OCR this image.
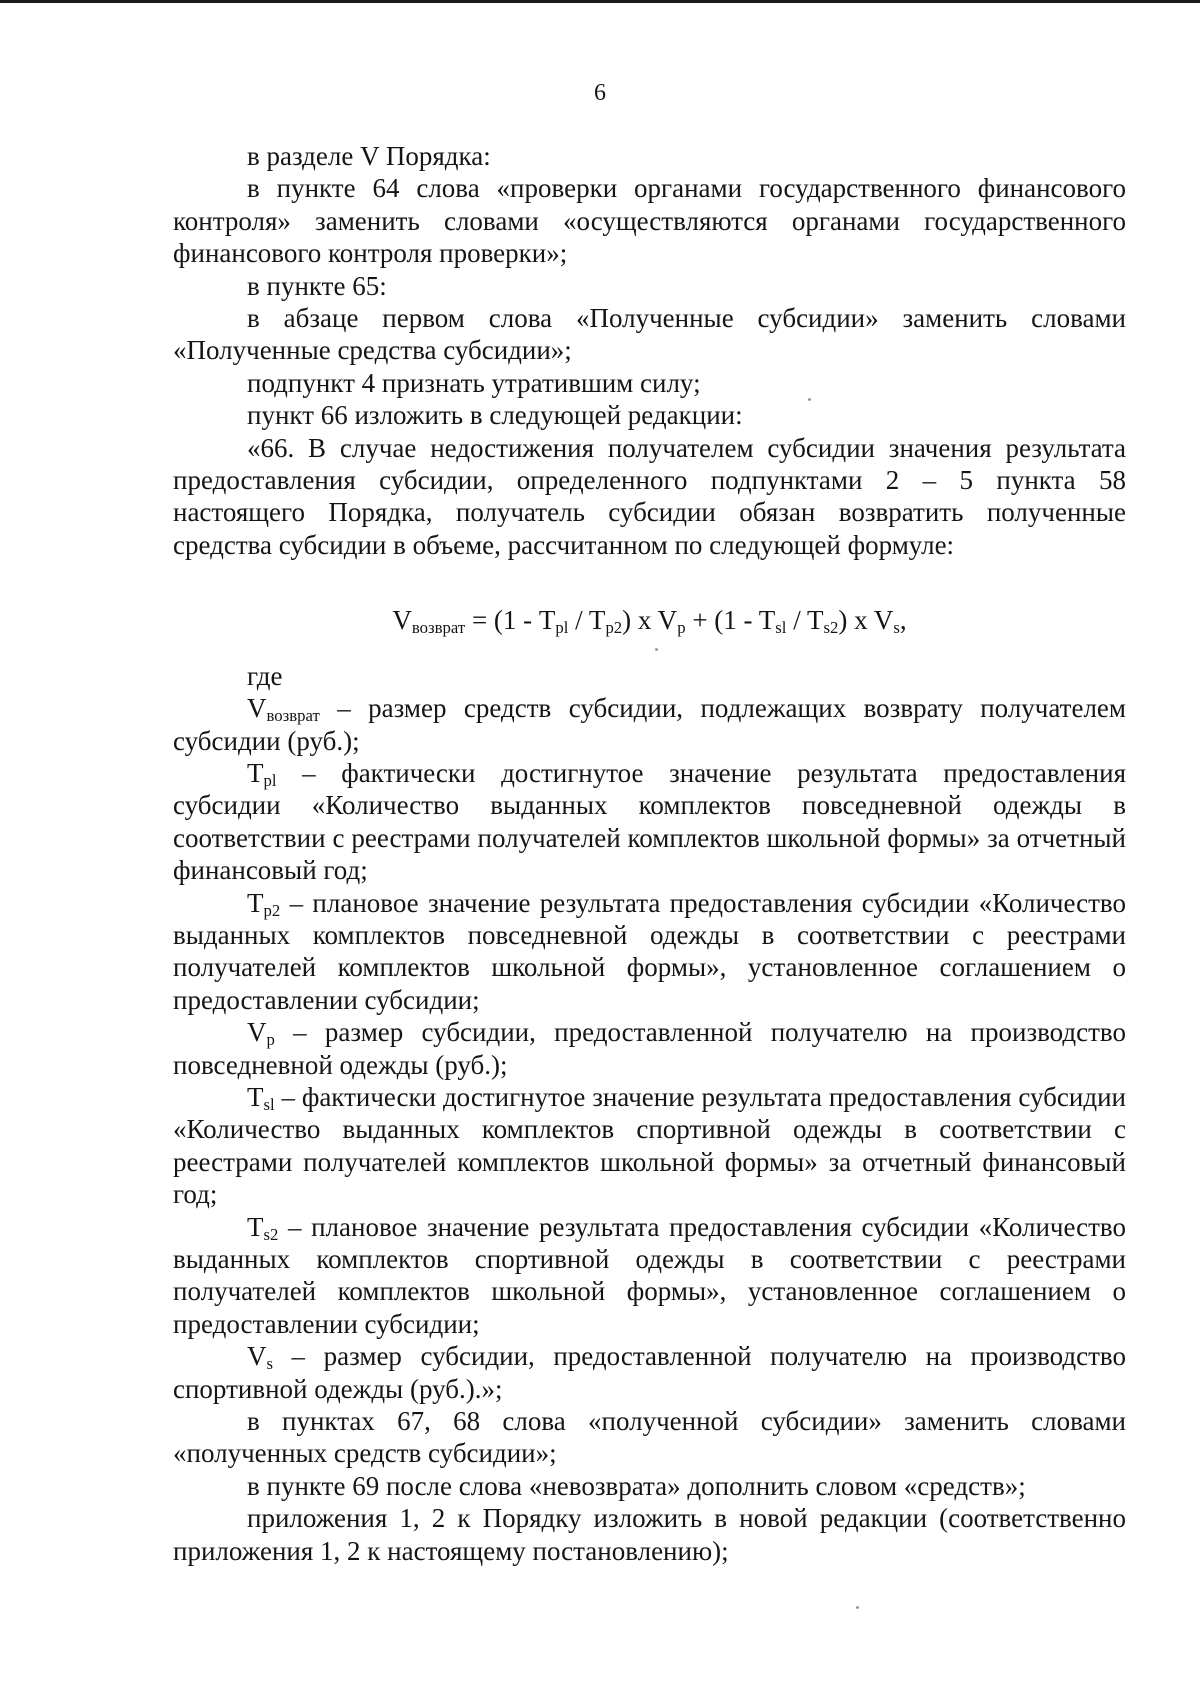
6

в разделе V Порядка:

в пункте 64 слова «проверки органами государственного финансового контроля» заменить словами «осуществляются органами государственного финансового контроля проверки»;

в пункте 65:

в абзаце первом слова «Полученные субсидии» заменить словами «Полученные средства субсидии»;

подпункт 4 признать утратившим силу;

пункт 66 изложить в следующей редакции:

«66. В случае недостижения получателем субсидии значения результата предоставления субсидии, определенного подпунктами 2 – 5 пункта 58 настоящего Порядка, получатель субсидии обязан возвратить полученные средства субсидии в объеме, рассчитанном по следующей формуле:

$V_{возврат} = (1 - T_{pl} / T_{p2})$ x $V_p + (1 - T_{sl} / T_{s2})$ x $V_s$,

где

$V_{возврат}$ – размер средств субсидии, подлежащих возврату получателем субсидии (руб.);

$T_{pl}$ – фактически достигнутое значение результата предоставления субсидии «Количество выданных комплектов повседневной одежды в соответствии с реестрами получателей комплектов школьной формы» за отчетный финансовый год;

$T_{p2}$ – плановое значение результата предоставления субсидии «Количество выданных комплектов повседневной одежды в соответствии с реестрами получателей комплектов школьной формы», установленное соглашением о предоставлении субсидии;

$V_p$ – размер субсидии, предоставленной получателю на производство повседневной одежды (руб.);

$T_{sl}$ – фактически достигнутое значение результата предоставления субсидии «Количество выданных комплектов спортивной одежды в соответствии с реестрами получателей комплектов школьной формы» за отчетный финансовый год;

$T_{s2}$ – плановое значение результата предоставления субсидии «Количество выданных комплектов спортивной одежды в соответствии с реестрами получателей комплектов школьной формы», установленное соглашением о предоставлении субсидии;

$V_s$ – размер субсидии, предоставленной получателю на производство спортивной одежды (руб.).»;

в пунктах 67, 68 слова «полученной субсидии» заменить словами «полученных средств субсидии»;

в пункте 69 после слова «невозврата» дополнить словом «средств»;

приложения 1, 2 к Порядку изложить в новой редакции (соответственно приложения 1, 2 к настоящему постановлению);
